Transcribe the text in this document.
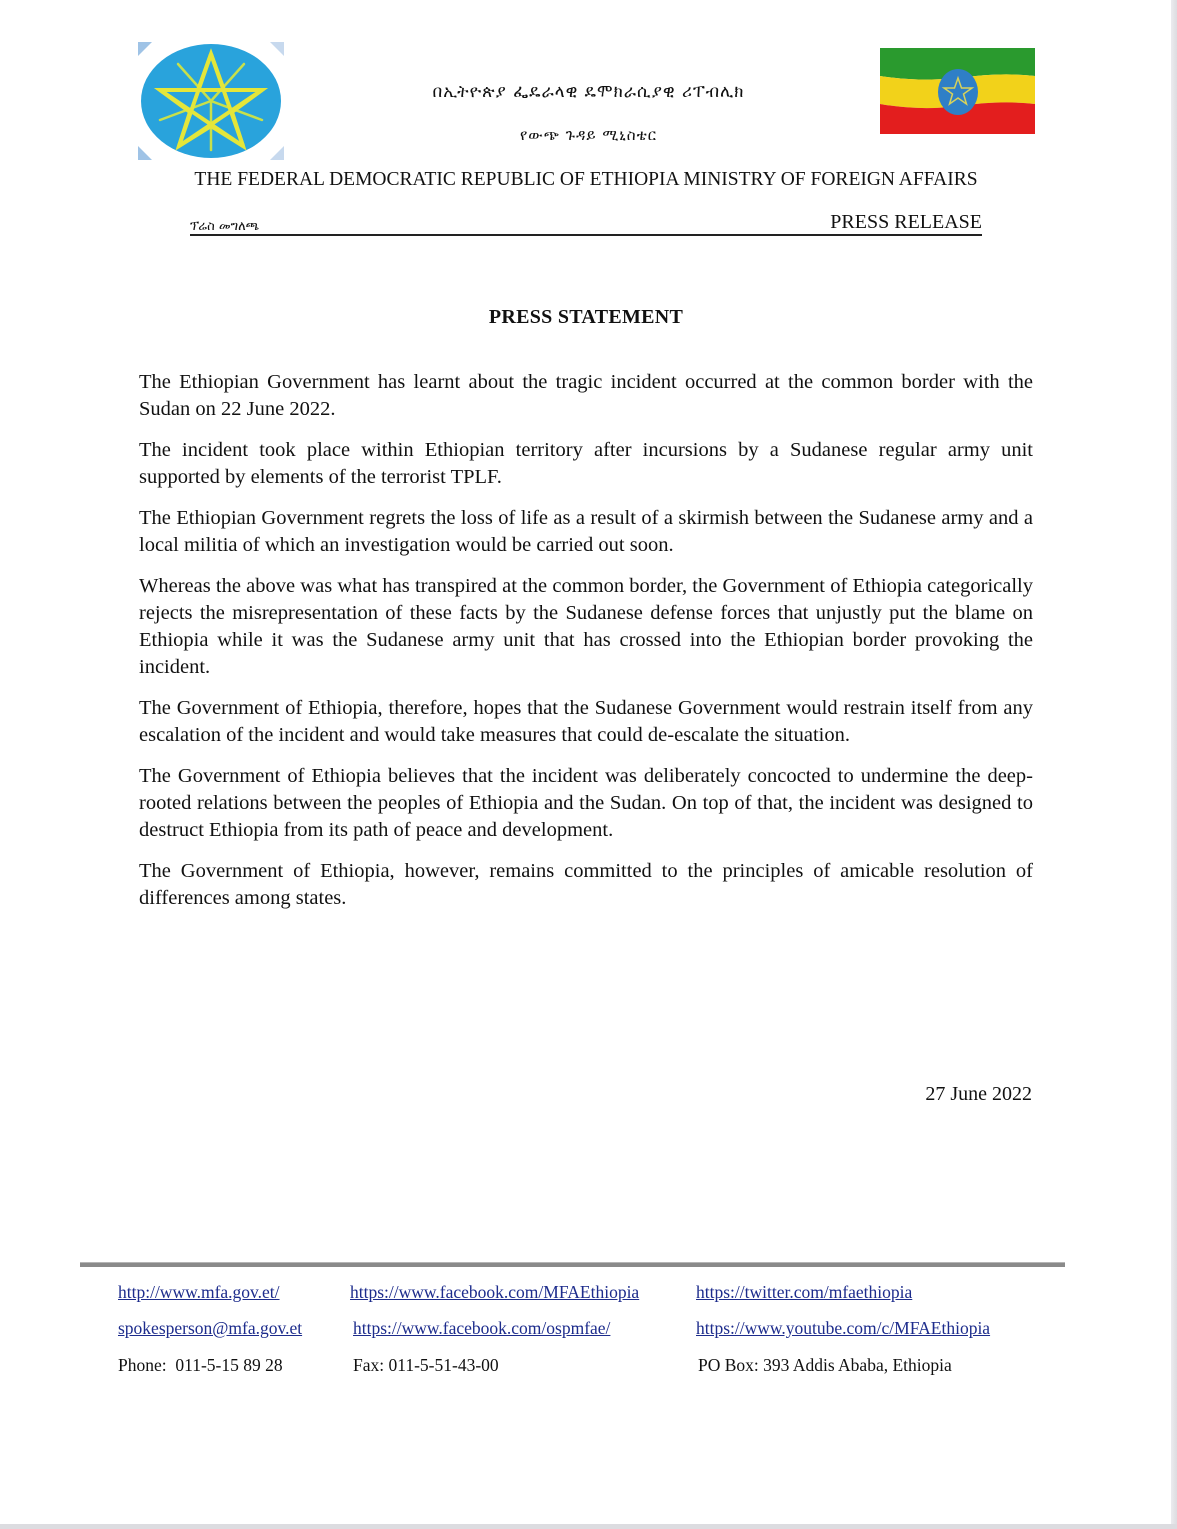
በኢትዮጵያ ፌዴራላዊ ዴሞክራሲያዊ ሪፐብሊክ
የውጭ ጉዳይ ሚኒስቴር
THE FEDERAL DEMOCRATIC REPUBLIC OF ETHIOPIA MINISTRY OF FOREIGN AFFAIRS
ፕሬስ መግለጫ	PRESS RELEASE
PRESS STATEMENT

The Ethiopian Government has learnt about the tragic incident occurred at the common border with the Sudan on 22 June 2022.

The incident took place within Ethiopian territory after incursions by a Sudanese regular army unit supported by elements of the terrorist TPLF.

The Ethiopian Government regrets the loss of life as a result of a skirmish between the Sudanese army and a local militia of which an investigation would be carried out soon.

Whereas the above was what has transpired at the common border, the Government of Ethiopia categorically rejects the misrepresentation of these facts by the Sudanese defense forces that unjustly put the blame on Ethiopia while it was the Sudanese army unit that has crossed into the Ethiopian border provoking the incident.

The Government of Ethiopia, therefore, hopes that the Sudanese Government would restrain itself from any escalation of the incident and would take measures that could de-escalate the situation.

The Government of Ethiopia believes that the incident was deliberately concocted to undermine the deep-rooted relations between the peoples of Ethiopia and the Sudan. On top of that, the incident was designed to destruct Ethiopia from its path of peace and development.

The Government of Ethiopia, however, remains committed to the principles of amicable resolution of differences among states.

27 June 2022
http://www.mfa.gov.et/	https://www.facebook.com/MFAEthiopia	https://twitter.com/mfaethiopia
spokesperson@mfa.gov.et	https://www.facebook.com/ospmfae/	https://www.youtube.com/c/MFAEthiopia
Phone:  011-5-15 89 28	Fax: 011-5-51-43-00	PO Box: 393 Addis Ababa, Ethiopia
